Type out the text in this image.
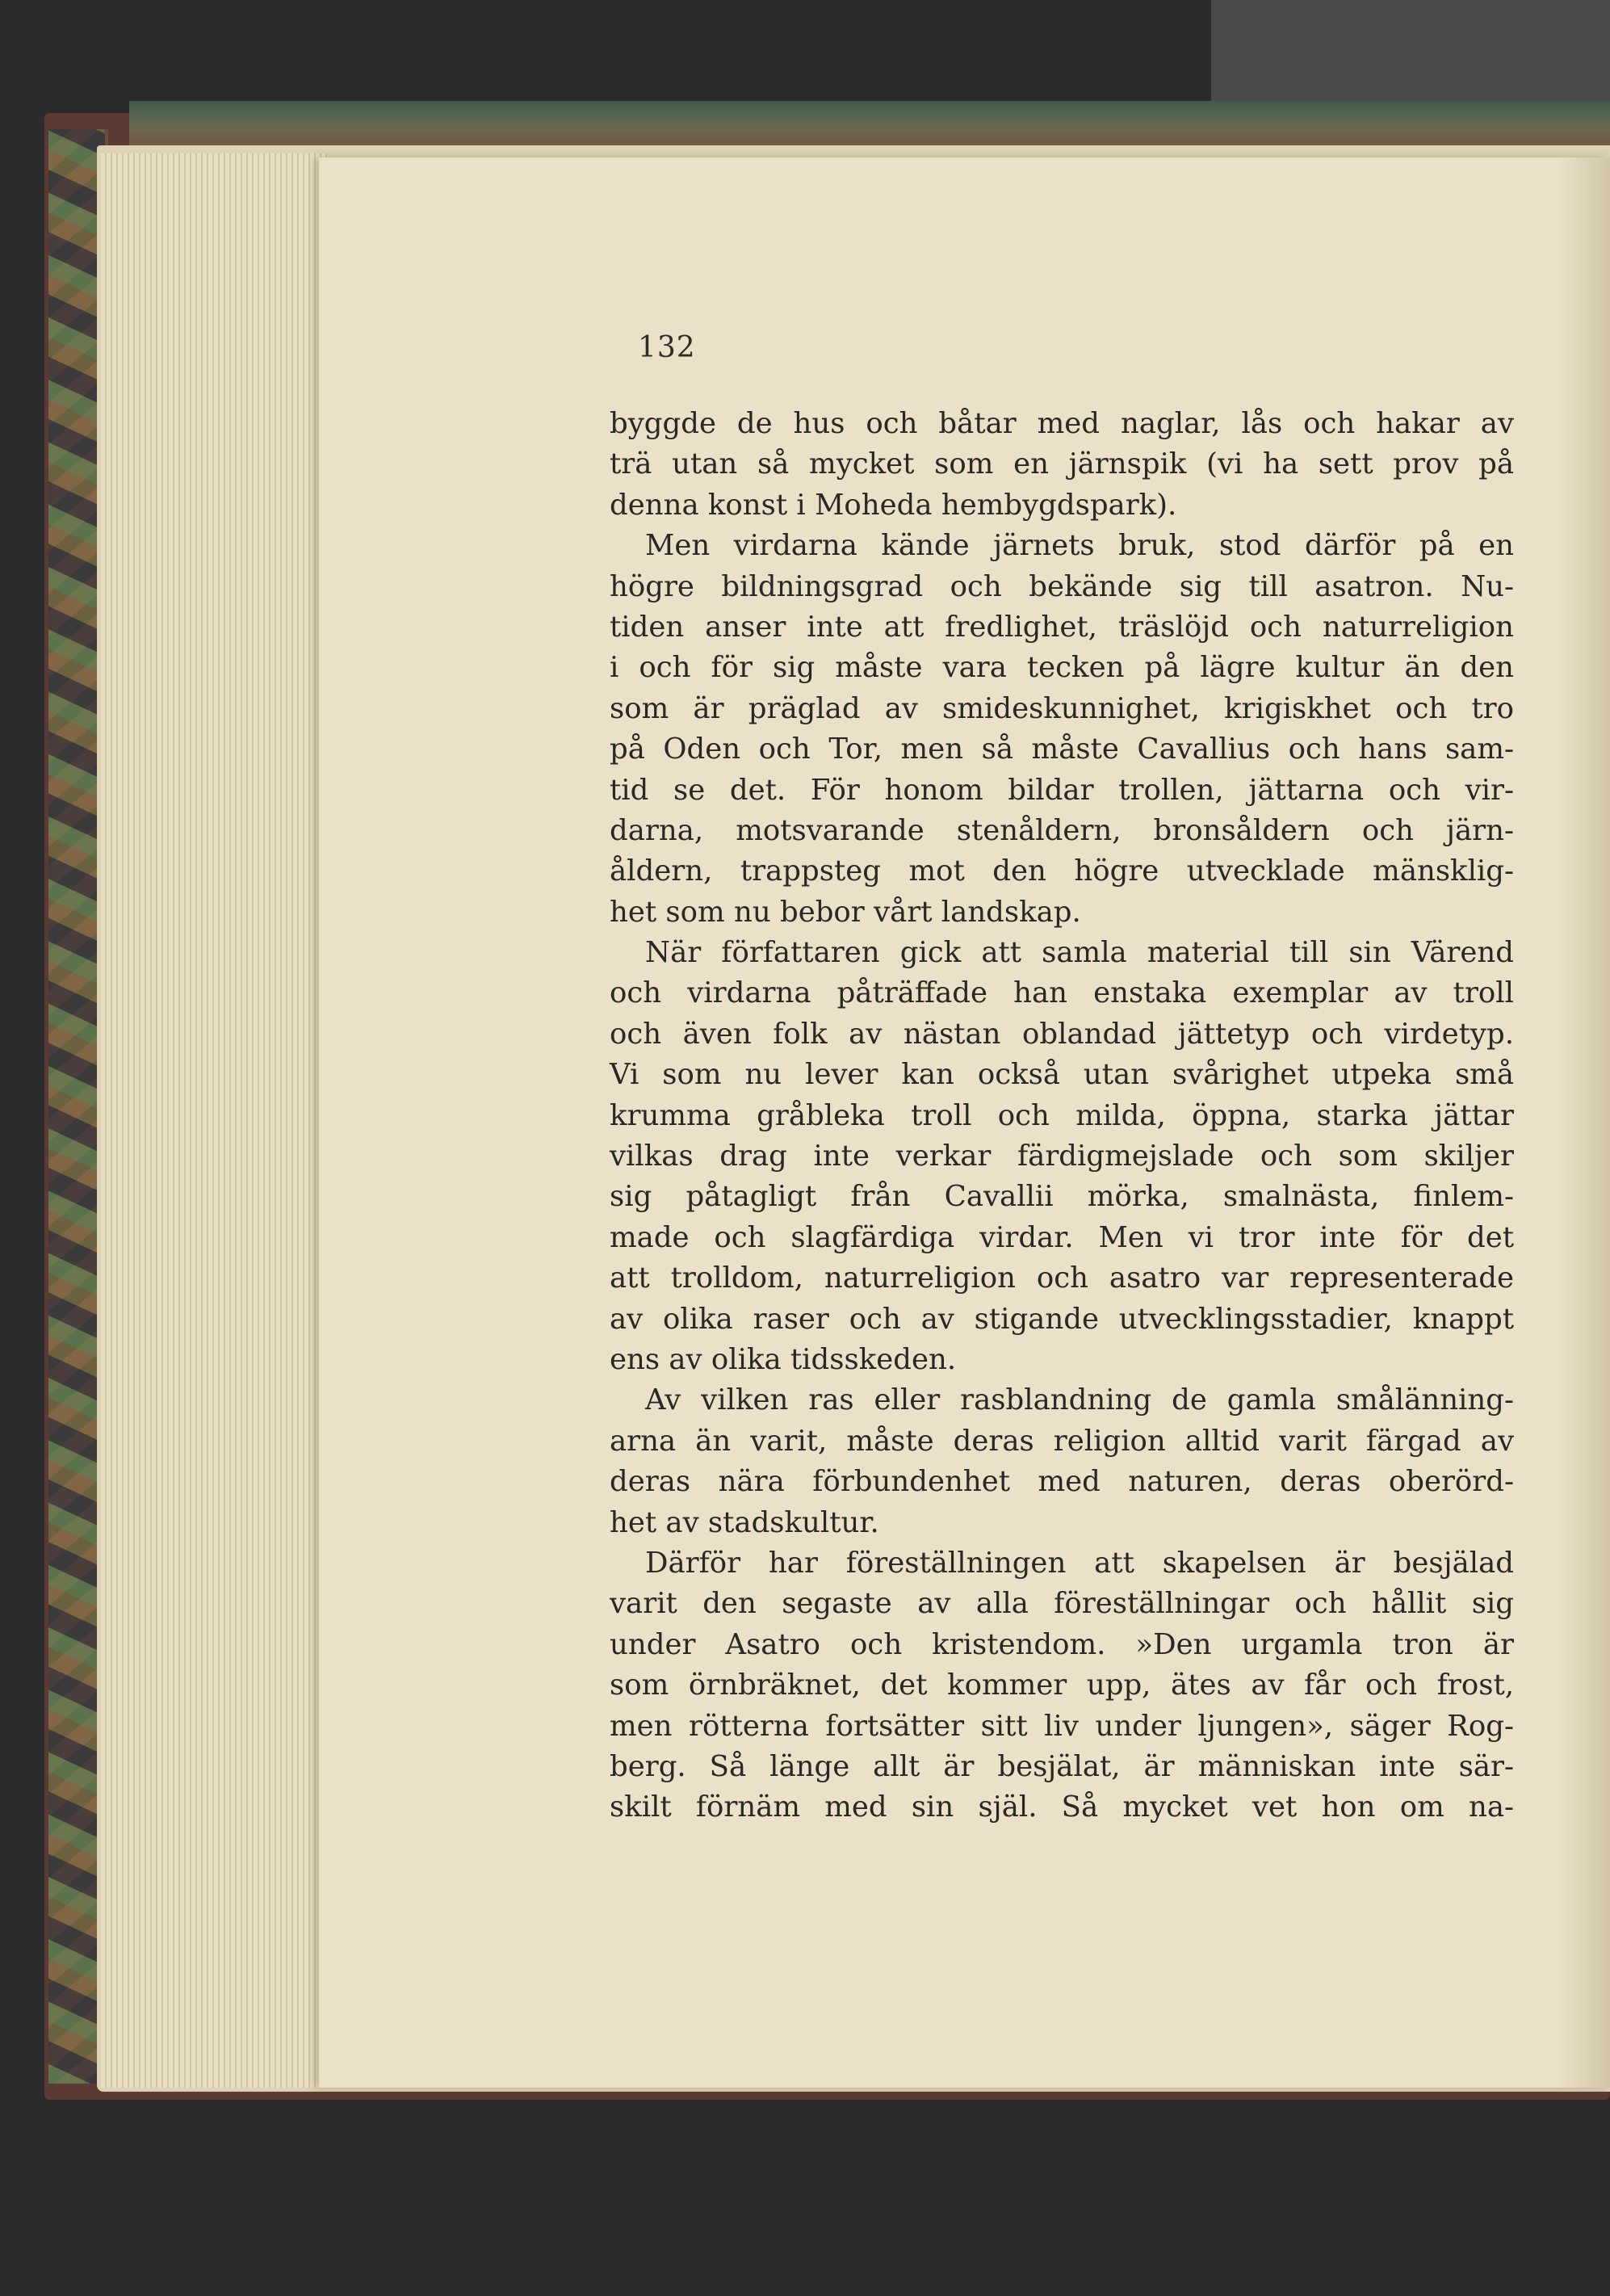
132
byggde de hus och båtar med naglar, lås och hakar av
trä utan så mycket som en järnspik (vi ha sett prov på
denna konst i Moheda hembygdspark).
Men virdarna kände järnets bruk, stod därför på en
högre bildningsgrad och bekände sig till asatron. Nu-
tiden anser inte att fredlighet, träslöjd och naturreligion
i och för sig måste vara tecken på lägre kultur än den
som är präglad av smideskunnighet, krigiskhet och tro
på Oden och Tor, men så måste Cavallius och hans sam-
tid se det. För honom bildar trollen, jättarna och vir-
darna, motsvarande stenåldern, bronsåldern och järn-
åldern, trappsteg mot den högre utvecklade mänsklig-
het som nu bebor vårt landskap.
När författaren gick att samla material till sin Värend
och virdarna påträffade han enstaka exemplar av troll
och även folk av nästan oblandad jättetyp och virdetyp.
Vi som nu lever kan också utan svårighet utpeka små
krumma gråbleka troll och milda, öppna, starka jättar
vilkas drag inte verkar färdigmejslade och som skiljer
sig påtagligt från Cavallii mörka, smalnästa, finlem-
made och slagfärdiga virdar. Men vi tror inte för det
att trolldom, naturreligion och asatro var representerade
av olika raser och av stigande utvecklingsstadier, knappt
ens av olika tidsskeden.
Av vilken ras eller rasblandning de gamla smålänning-
arna än varit, måste deras religion alltid varit färgad av
deras nära förbundenhet med naturen, deras oberörd-
het av stadskultur.
Därför har föreställningen att skapelsen är besjälad
varit den segaste av alla föreställningar och hållit sig
under Asatro och kristendom. »Den urgamla tron är
som örnbräknet, det kommer upp, ätes av får och frost,
men rötterna fortsätter sitt liv under ljungen», säger Rog-
berg. Så länge allt är besjälat, är människan inte sär-
skilt förnäm med sin själ. Så mycket vet hon om na-
